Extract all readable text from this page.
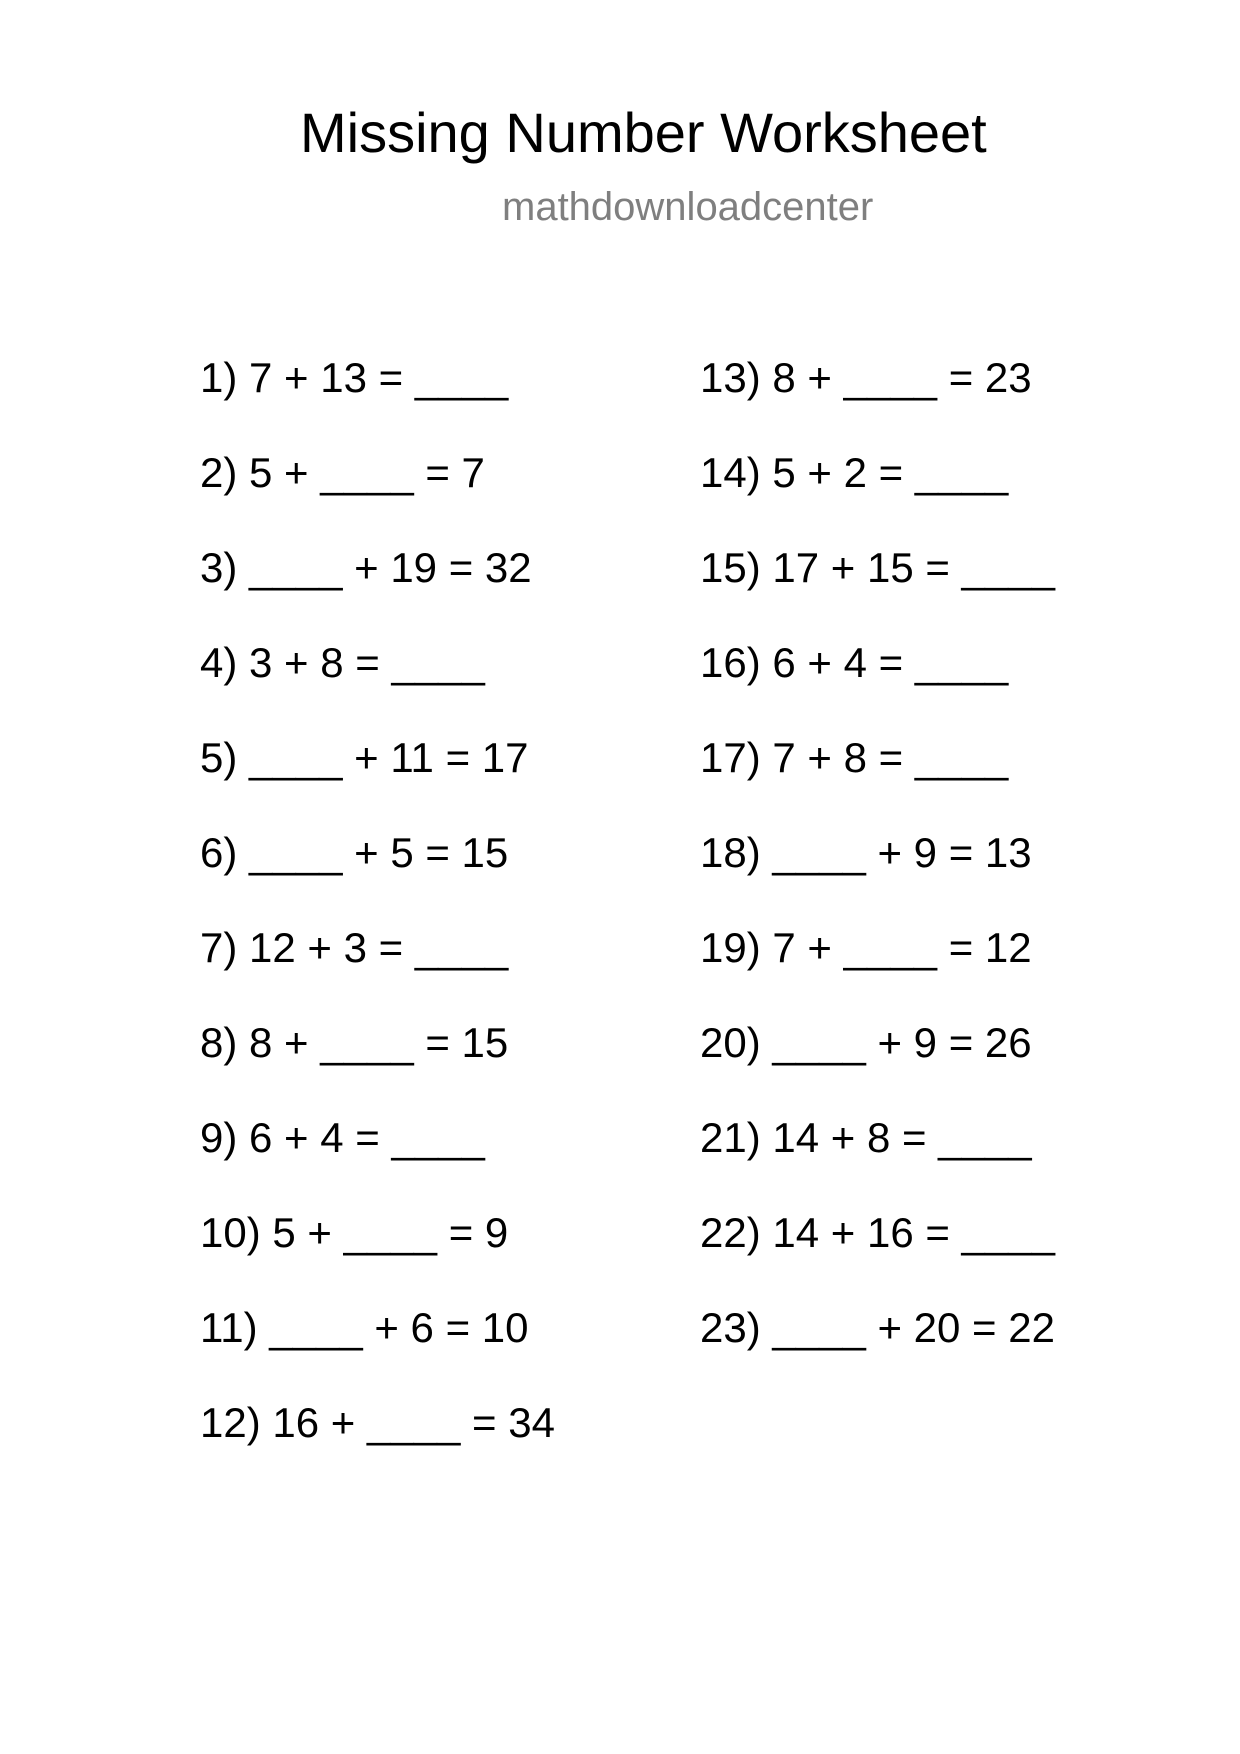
Missing Number Worksheet
mathdownloadcenter
1) 7 + 13 = ____
2) 5 + ____ = 7
3) ____ + 19 = 32
4) 3 + 8 = ____
5) ____ + 11 = 17
6) ____ + 5 = 15
7) 12 + 3 = ____
8) 8 + ____ = 15
9) 6 + 4 = ____
10) 5 + ____ = 9
11) ____ + 6 = 10
12) 16 + ____ = 34
13) 8 + ____ = 23
14) 5 + 2 = ____
15) 17 + 15 = ____
16) 6 + 4 = ____
17) 7 + 8 = ____
18) ____ + 9 = 13
19) 7 + ____ = 12
20) ____ + 9 = 26
21) 14 + 8 = ____
22) 14 + 16 = ____
23) ____ + 20 = 22
